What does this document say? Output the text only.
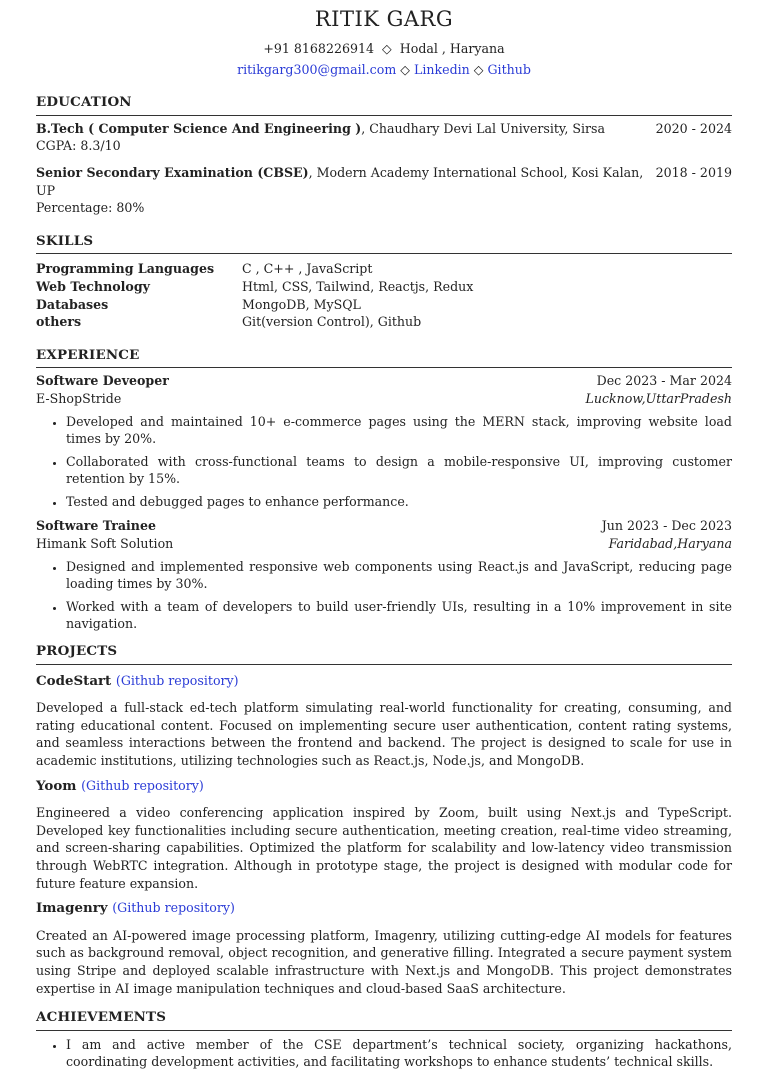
RITIK GARG
+91 8168226914 ◇ Hodal , Haryana
ritikgarg300@gmail.com ◇ Linkedin ◇ Github
EDUCATION
B.Tech ( Computer Science And Engineering ), Chaudhary Devi Lal University, Sirsa	2020 - 2024
CGPA: 8.3/10
Senior Secondary Examination (CBSE), Modern Academy International School, Kosi Kalan, UP
2018 - 2019
Percentage: 80%
SKILLS
Programming Languages	C , C++ , JavaScript
Web Technology	Html, CSS, Tailwind, Reactjs, Redux
Databases	MongoDB, MySQL
others	Git(version Control), Github
EXPERIENCE
Software Deveoper	Dec 2023 - Mar 2024
E-ShopStride	Lucknow,UttarPradesh
• Developed and maintained 10+ e-commerce pages using the MERN stack, improving website load times by 20%.
• Collaborated with cross-functional teams to design a mobile-responsive UI, improving customer retention by 15%.
• Tested and debugged pages to enhance performance.
Software Trainee	Jun 2023 - Dec 2023
Himank Soft Solution	Faridabad,Haryana
• Designed and implemented responsive web components using React.js and JavaScript, reducing page loading times by 30%.
• Worked with a team of developers to build user-friendly UIs, resulting in a 10% improvement in site navigation.
PROJECTS
CodeStart (Github repository)
Developed a full-stack ed-tech platform simulating real-world functionality for creating, consuming, and rating educational content. Focused on implementing secure user authentication, content rating systems, and seamless interactions between the frontend and backend. The project is designed to scale for use in academic institutions, utilizing technologies such as React.js, Node.js, and MongoDB.
Yoom (Github repository)
Engineered a video conferencing application inspired by Zoom, built using Next.js and TypeScript. Developed key functionalities including secure authentication, meeting creation, real-time video streaming, and screen-sharing capabilities. Optimized the platform for scalability and low-latency video transmission through WebRTC integration. Although in prototype stage, the project is designed with modular code for future feature expansion.
Imagenry (Github repository)
Created an AI-powered image processing platform, Imagenry, utilizing cutting-edge AI models for features such as background removal, object recognition, and generative filling. Integrated a secure payment system using Stripe and deployed scalable infrastructure with Next.js and MongoDB. This project demonstrates expertise in AI image manipulation techniques and cloud-based SaaS architecture.
ACHIEVEMENTS
• I am and active member of the CSE department’s technical society, organizing hackathons, coordinating development activities, and facilitating workshops to enhance students’ technical skills.
